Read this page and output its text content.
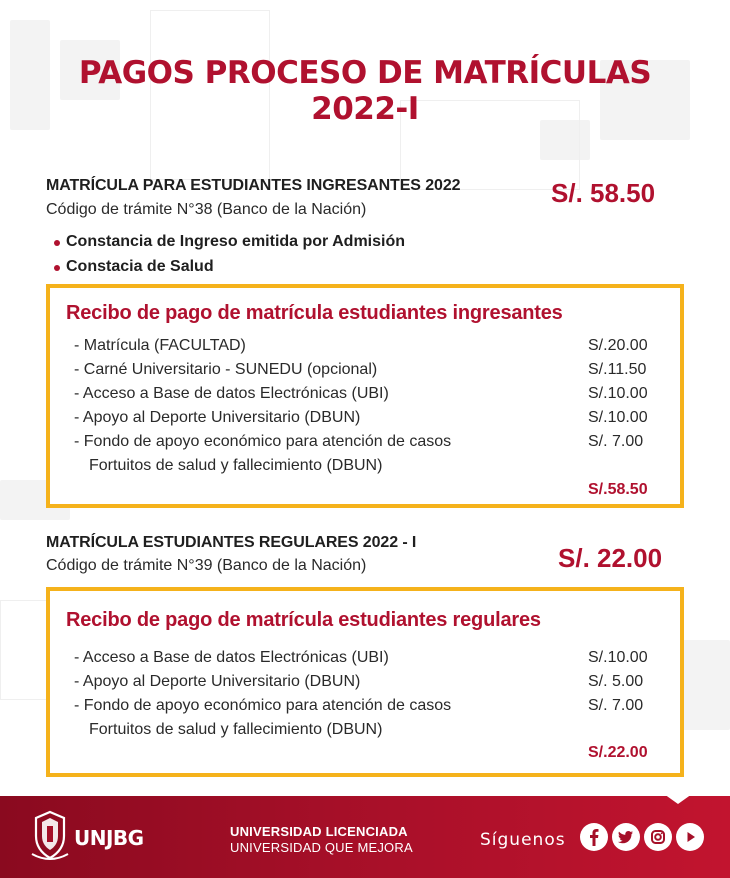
PAGOS PROCESO DE MATRÍCULAS
2022-I
MATRÍCULA PARA ESTUDIANTES INGRESANTES 2022
Código de trámite N°38 (Banco de la Nación)
S/. 58.50
Constancia de Ingreso emitida por Admisión
Constacia de Salud
Recibo de pago de matrícula estudiantes ingresantes
- Matrícula (FACULTAD)	S/.20.00
- Carné Universitario - SUNEDU (opcional)	S/.11.50
- Acceso a Base de datos Electrónicas (UBI)	S/.10.00
- Apoyo al Deporte Universitario (DBUN)	S/.10.00
- Fondo de apoyo económico para atención de casos	S/. 7.00
Fortuitos de salud y fallecimiento (DBUN)
S/.58.50
MATRÍCULA ESTUDIANTES REGULARES 2022 - I
Código de trámite N°39 (Banco de la Nación)	S/. 22.00
Recibo de pago de matrícula estudiantes regulares
- Acceso a Base de datos Electrónicas (UBI)	S/.10.00
- Apoyo al Deporte Universitario (DBUN)	S/. 5.00
- Fondo de apoyo económico para atención de casos	S/. 7.00
Fortuitos de salud y fallecimiento (DBUN)
S/.22.00
UNJBG	UNIVERSIDAD LICENCIADA
UNIVERSIDAD QUE MEJORA	Síguenos
